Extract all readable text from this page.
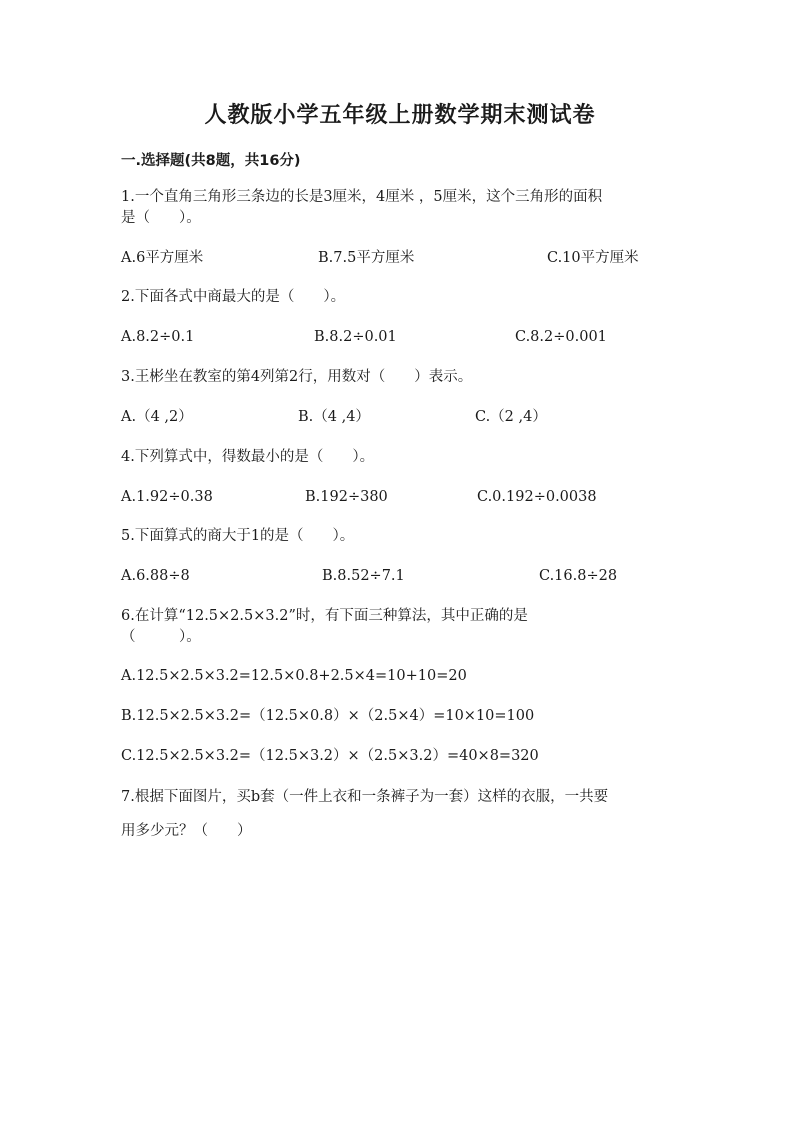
人教版小学五年级上册数学期末测试卷
一.选择题(共8题，共16分)
1.一个直角三角形三条边的长是3厘米，4厘米 ，5厘米，这个三角形的面积
是（　　）。
A.6平方厘米	B.7.5平方厘米	C.10平方厘米
2.下面各式中商最大的是（　　）。
A.8.2÷0.1	B.8.2÷0.01	C.8.2÷0.001
3.王彬坐在教室的第4列第2行，用数对（　　）表示。
A.（4 ,2）	B.（4 ,4）	C.（2 ,4）
4.下列算式中，得数最小的是（　　）。
A.1.92÷0.38	B.192÷380	C.0.192÷0.0038
5.下面算式的商大于1的是（　　）。
A.6.88÷8	B.8.52÷7.1	C.16.8÷28
6.在计算“12.5×2.5×3.2”时，有下面三种算法，其中正确的是
（　　　）。
A.12.5×2.5×3.2=12.5×0.8+2.5×4=10+10=20
B.12.5×2.5×3.2=（12.5×0.8）×（2.5×4）=10×10=100
C.12.5×2.5×3.2=（12.5×3.2）×（2.5×3.2）=40×8=320
7.根据下面图片，买b套（一件上衣和一条裤子为一套）这样的衣服，一共要
用多少元？（　　）
